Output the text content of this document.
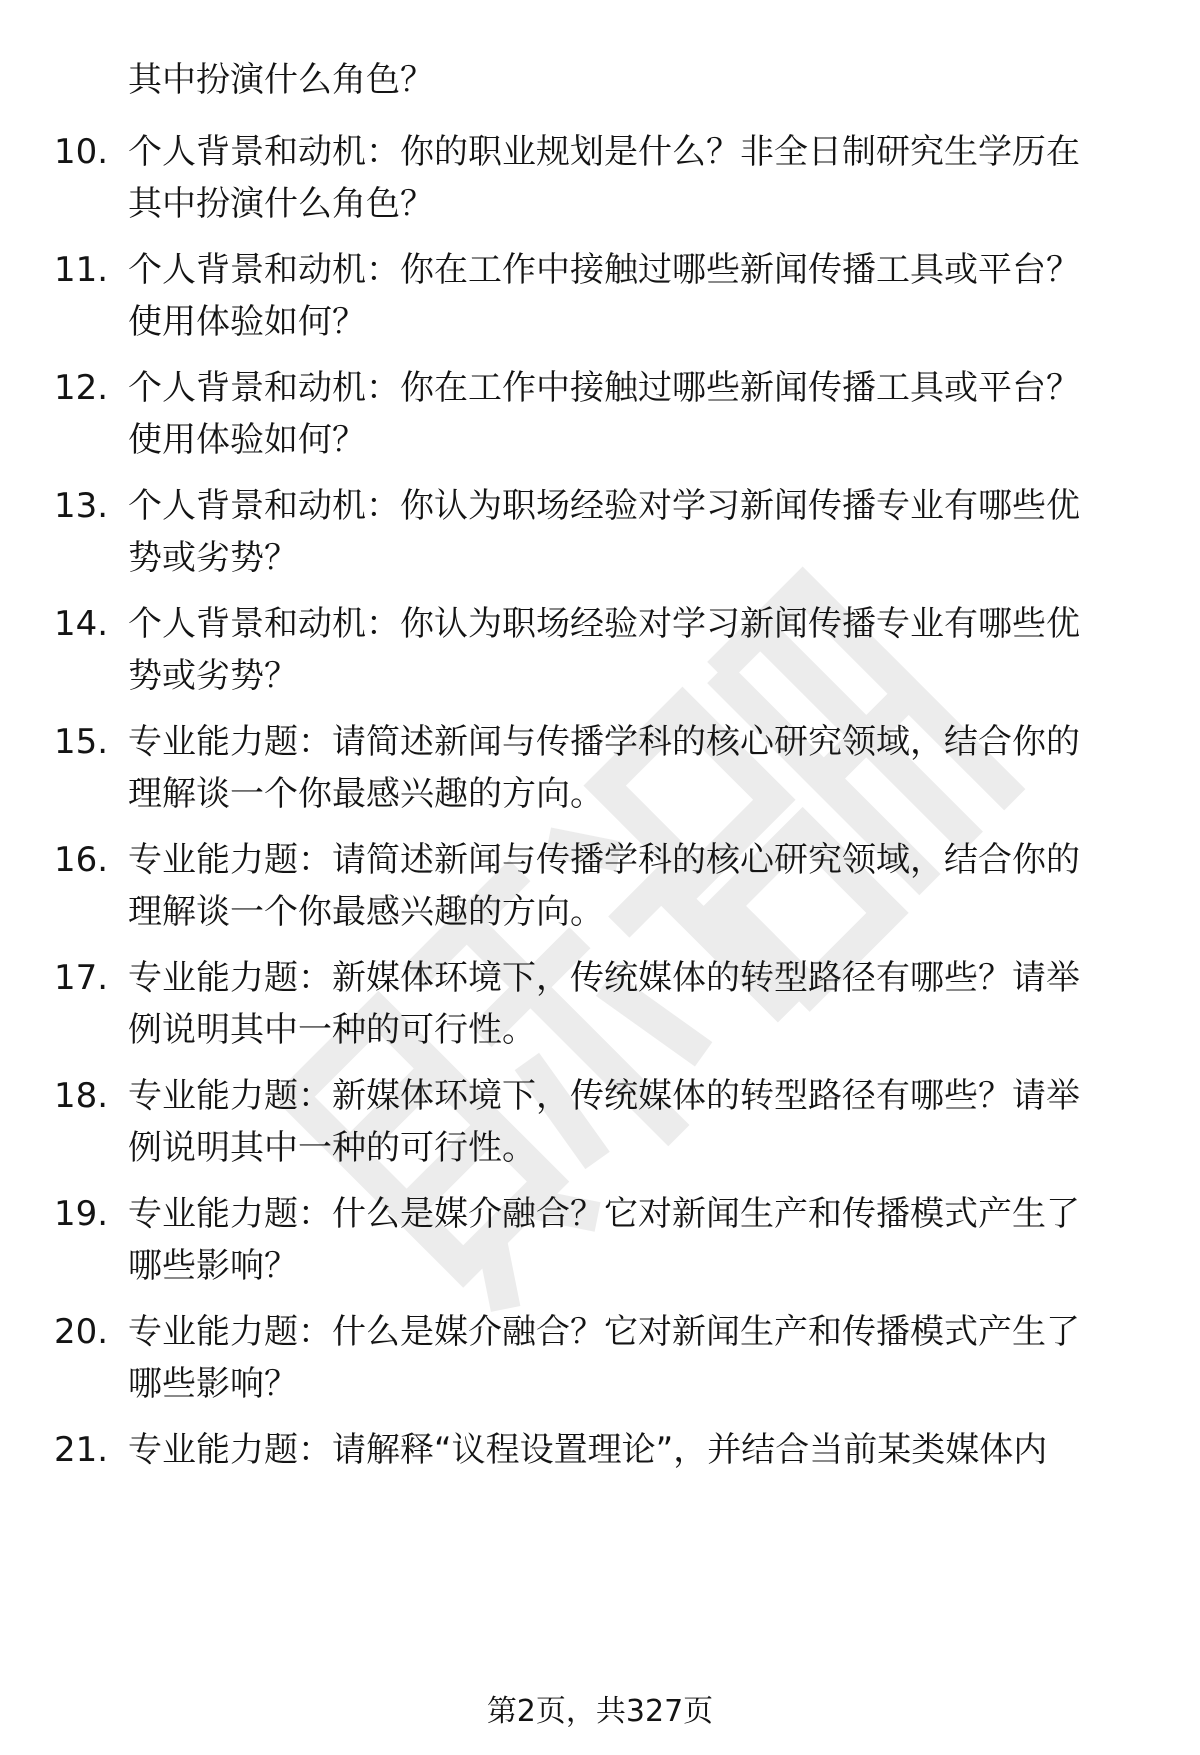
其中扮演什么角色？
10. 个人背景和动机：你的职业规划是什么？非全日制研究生学历在
其中扮演什么角色？
11. 个人背景和动机：你在工作中接触过哪些新闻传播工具或平台？
使用体验如何？
12. 个人背景和动机：你在工作中接触过哪些新闻传播工具或平台？
使用体验如何？
13. 个人背景和动机：你认为职场经验对学习新闻传播专业有哪些优
势或劣势？
14. 个人背景和动机：你认为职场经验对学习新闻传播专业有哪些优
势或劣势？
15. 专业能力题：请简述新闻与传播学科的核心研究领域，结合你的
理解谈一个你最感兴趣的方向。
16. 专业能力题：请简述新闻与传播学科的核心研究领域，结合你的
理解谈一个你最感兴趣的方向。
17. 专业能力题：新媒体环境下，传统媒体的转型路径有哪些？请举
例说明其中一种的可行性。
18. 专业能力题：新媒体环境下，传统媒体的转型路径有哪些？请举
例说明其中一种的可行性。
19. 专业能力题：什么是媒介融合？它对新闻生产和传播模式产生了
哪些影响？
20. 专业能力题：什么是媒介融合？它对新闻生产和传播模式产生了
哪些影响？
21. 专业能力题：请解释“议程设置理论”，并结合当前某类媒体内
第2页，共327页
